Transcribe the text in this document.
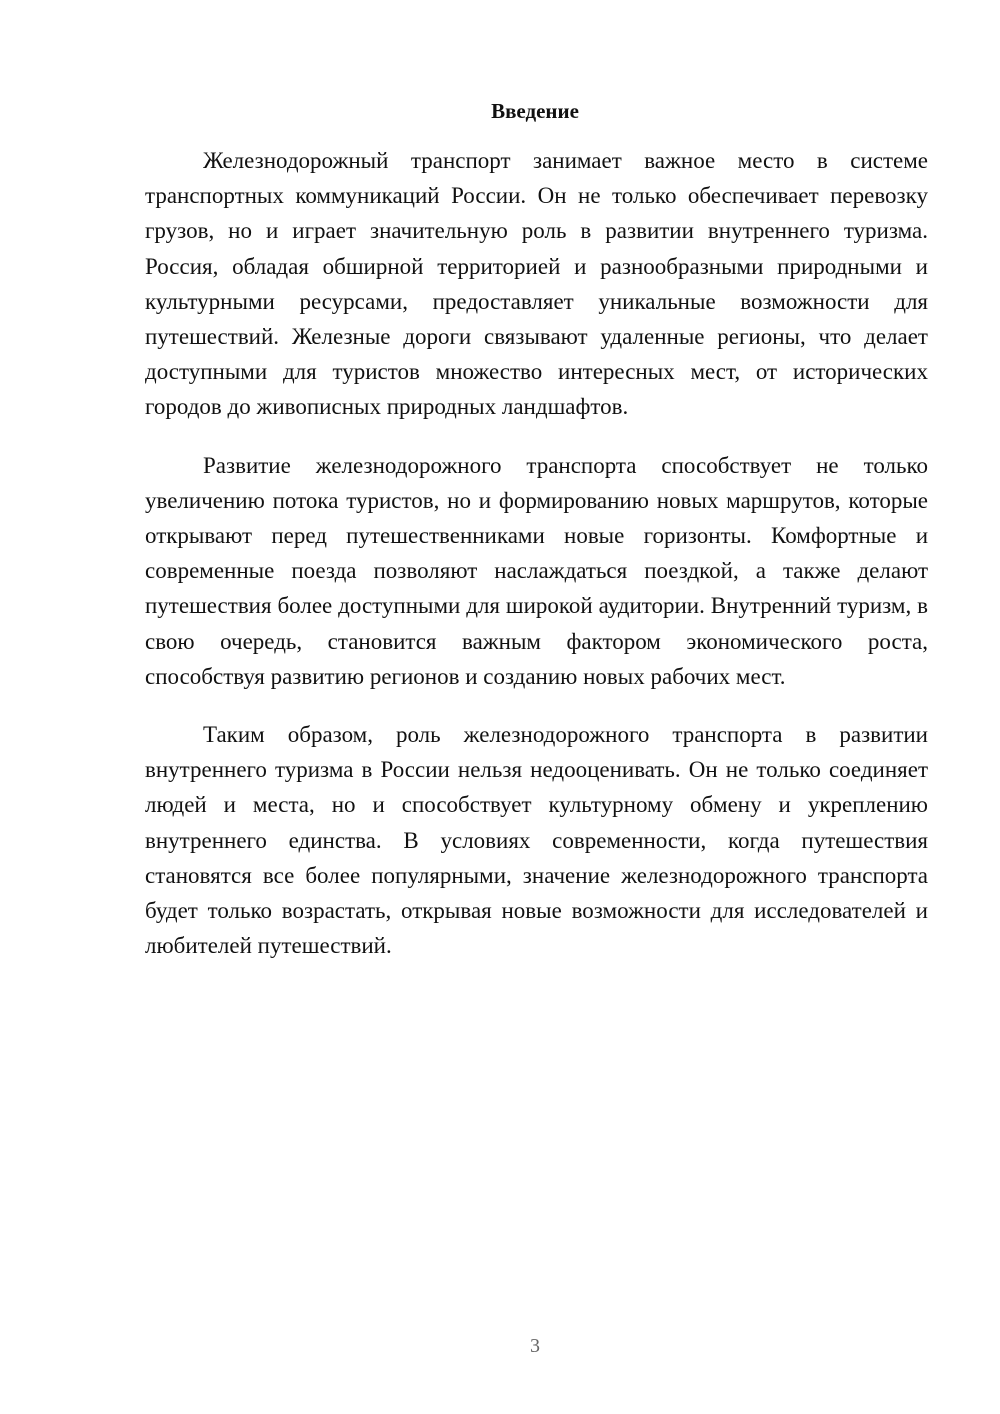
Введение

Железнодорожный транспорт занимает важное место в системе транспортных коммуникаций России. Он не только обеспечивает перевозку грузов, но и играет значительную роль в развитии внутреннего туризма. Россия, обладая обширной территорией и разнообразными природными и культурными ресурсами, предоставляет уникальные возможности для путешествий. Железные дороги связывают удаленные регионы, что делает доступными для туристов множество интересных мест, от исторических городов до живописных природных ландшафтов.

Развитие железнодорожного транспорта способствует не только увеличению потока туристов, но и формированию новых маршрутов, которые открывают перед путешественниками новые горизонты. Комфортные и современные поезда позволяют наслаждаться поездкой, а также делают путешествия более доступными для широкой аудитории. Внутренний туризм, в свою очередь, становится важным фактором экономического роста, способствуя развитию регионов и созданию новых рабочих мест.

Таким образом, роль железнодорожного транспорта в развитии внутреннего туризма в России нельзя недооценивать. Он не только соединяет людей и места, но и способствует культурному обмену и укреплению внутреннего единства. В условиях современности, когда путешествия становятся все более популярными, значение железнодорожного транспорта будет только возрастать, открывая новые возможности для исследователей и любителей путешествий.

3
